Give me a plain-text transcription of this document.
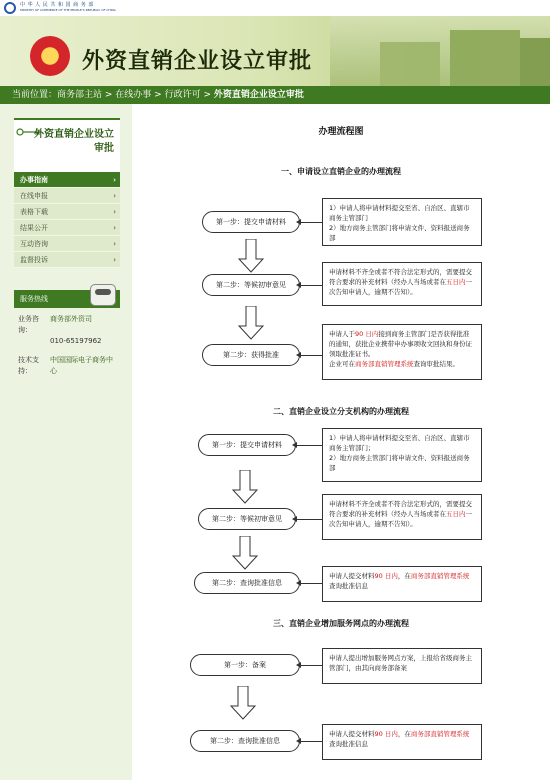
中 华 人 民 共 和 国 商 务 部
MINISTRY OF COMMERCE OF THE PEOPLE'S REPUBLIC OF CHINA
外资直销企业设立审批
当前位置：商务部主站 > 在线办事 > 行政许可 > 外资直销企业设立审批
外资直销企业设立审批
办事指南	›
在线申报	›
表格下载	›
结果公开	›
互动咨询	›
监督投诉	›
服务热线
业务咨询：
商务部外资司
010-65197962
技术支持：
中国国际电子商务中心
办理流程图
一、申请设立直销企业的办理流程
第一步：提交申请材料
1）申请人将申请材料提交至省、自治区、直辖市商务主管部门
2）地方商务主管部门将申请文件、资料报送商务部
第二步：等候初审意见
申请材料不齐全或者不符合法定形式的，需要提交符合要求的补充材料（经办人当场或者在五日内一次告知申请人，逾期不告知）。
第二步：获得批准
申请人于90 日内接到商务主管部门是否获得批准的通知，获批企业携带申办事项收文回执和身份证领取批准证书。
企业可在商务部直销管理系统查询审批结果。
二、直销企业设立分支机构的办理流程
第一步：提交申请材料
1）申请人将申请材料提交至省、自治区、直辖市商务主管部门；
2）地方商务主管部门将申请文件、资料报送商务部
第二步：等候初审意见
申请材料不齐全或者不符合法定形式的，需要提交符合要求的补充材料（经办人当场或者在五日内一次告知申请人，逾期不告知）。
第二步：查询批准信息
申请人提交材料90 日内，在商务部直销管理系统查询批准信息
三、直销企业增加服务网点的办理流程
第一步：备案
申请人提出增加服务网点方案，上报给省级商务主管部门，由其向商务部备案
第二步：查询批准信息
申请人提交材料90 日内，在商务部直销管理系统查询批准信息
